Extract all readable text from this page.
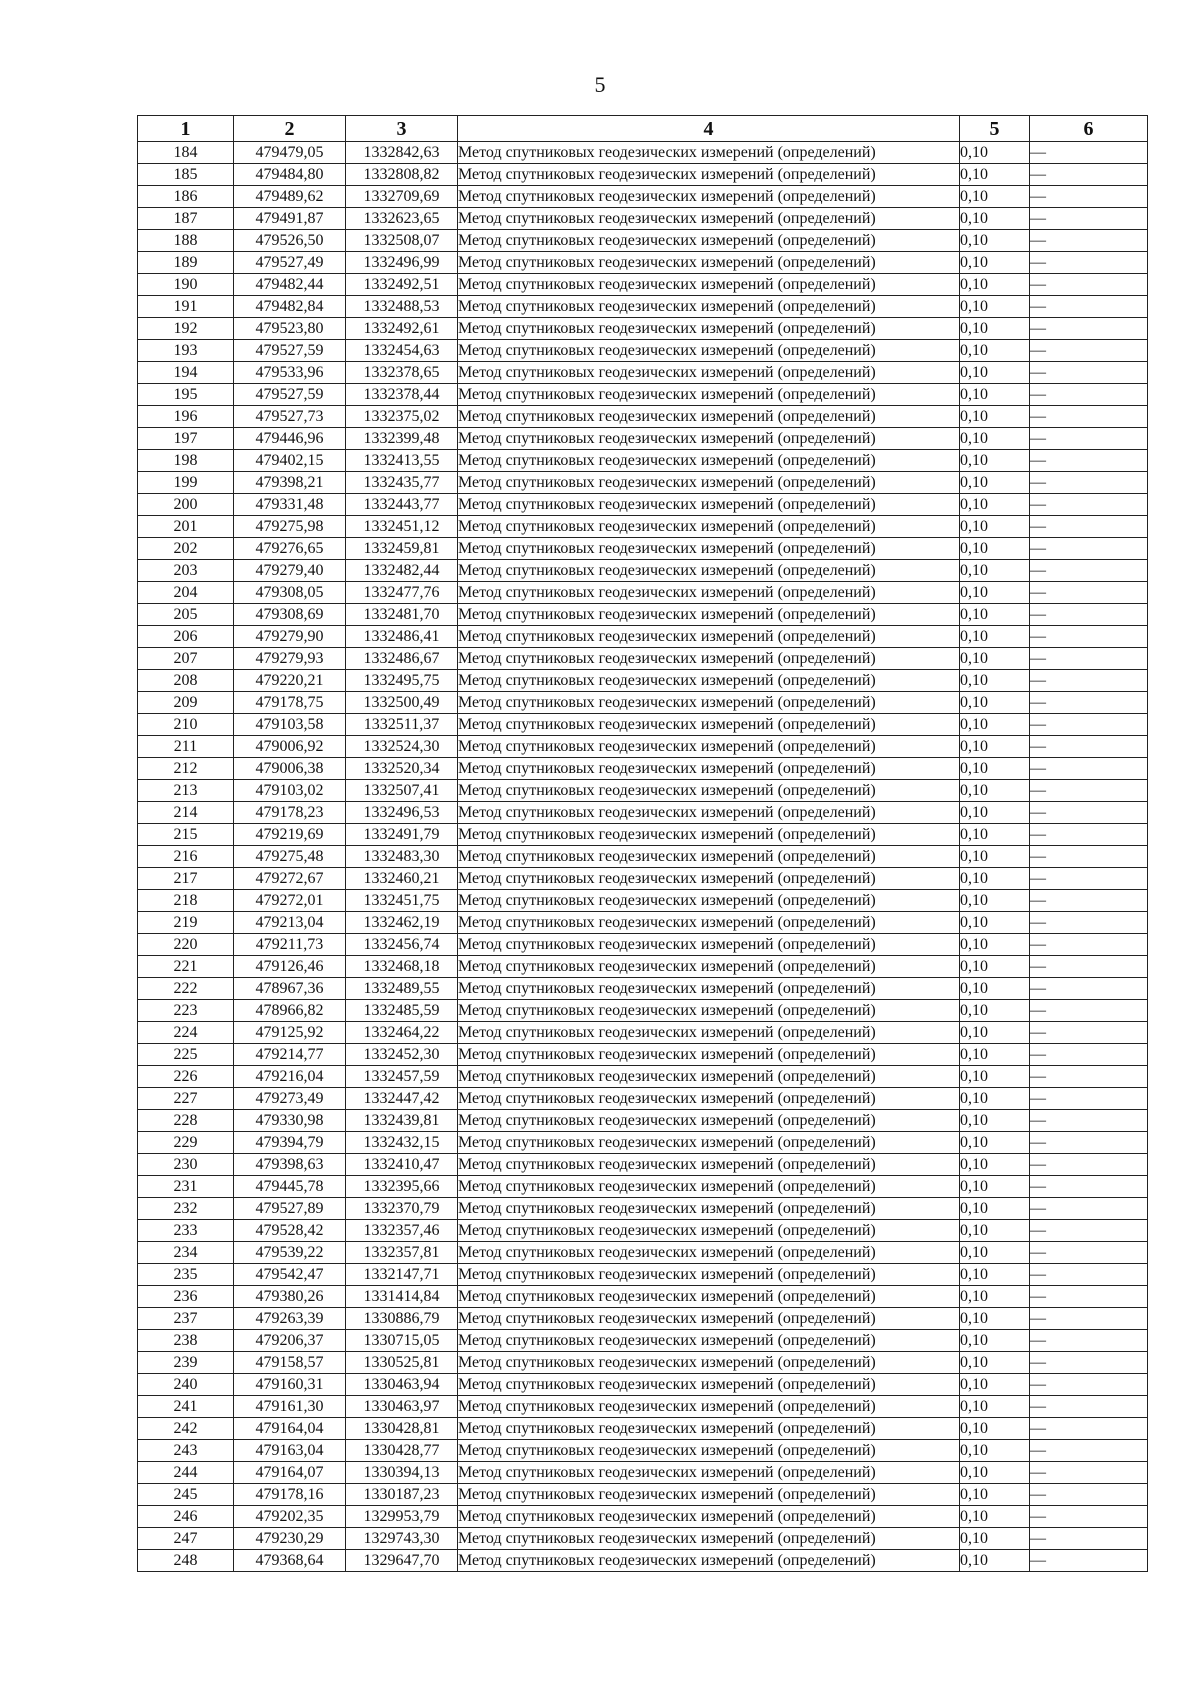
5
1	2	3	4	5	6
184	479479,05	1332842,63	Метод спутниковых геодезических измерений (определений)	0,10	—
185	479484,80	1332808,82	Метод спутниковых геодезических измерений (определений)	0,10	—
186	479489,62	1332709,69	Метод спутниковых геодезических измерений (определений)	0,10	—
187	479491,87	1332623,65	Метод спутниковых геодезических измерений (определений)	0,10	—
188	479526,50	1332508,07	Метод спутниковых геодезических измерений (определений)	0,10	—
189	479527,49	1332496,99	Метод спутниковых геодезических измерений (определений)	0,10	—
190	479482,44	1332492,51	Метод спутниковых геодезических измерений (определений)	0,10	—
191	479482,84	1332488,53	Метод спутниковых геодезических измерений (определений)	0,10	—
192	479523,80	1332492,61	Метод спутниковых геодезических измерений (определений)	0,10	—
193	479527,59	1332454,63	Метод спутниковых геодезических измерений (определений)	0,10	—
194	479533,96	1332378,65	Метод спутниковых геодезических измерений (определений)	0,10	—
195	479527,59	1332378,44	Метод спутниковых геодезических измерений (определений)	0,10	—
196	479527,73	1332375,02	Метод спутниковых геодезических измерений (определений)	0,10	—
197	479446,96	1332399,48	Метод спутниковых геодезических измерений (определений)	0,10	—
198	479402,15	1332413,55	Метод спутниковых геодезических измерений (определений)	0,10	—
199	479398,21	1332435,77	Метод спутниковых геодезических измерений (определений)	0,10	—
200	479331,48	1332443,77	Метод спутниковых геодезических измерений (определений)	0,10	—
201	479275,98	1332451,12	Метод спутниковых геодезических измерений (определений)	0,10	—
202	479276,65	1332459,81	Метод спутниковых геодезических измерений (определений)	0,10	—
203	479279,40	1332482,44	Метод спутниковых геодезических измерений (определений)	0,10	—
204	479308,05	1332477,76	Метод спутниковых геодезических измерений (определений)	0,10	—
205	479308,69	1332481,70	Метод спутниковых геодезических измерений (определений)	0,10	—
206	479279,90	1332486,41	Метод спутниковых геодезических измерений (определений)	0,10	—
207	479279,93	1332486,67	Метод спутниковых геодезических измерений (определений)	0,10	—
208	479220,21	1332495,75	Метод спутниковых геодезических измерений (определений)	0,10	—
209	479178,75	1332500,49	Метод спутниковых геодезических измерений (определений)	0,10	—
210	479103,58	1332511,37	Метод спутниковых геодезических измерений (определений)	0,10	—
211	479006,92	1332524,30	Метод спутниковых геодезических измерений (определений)	0,10	—
212	479006,38	1332520,34	Метод спутниковых геодезических измерений (определений)	0,10	—
213	479103,02	1332507,41	Метод спутниковых геодезических измерений (определений)	0,10	—
214	479178,23	1332496,53	Метод спутниковых геодезических измерений (определений)	0,10	—
215	479219,69	1332491,79	Метод спутниковых геодезических измерений (определений)	0,10	—
216	479275,48	1332483,30	Метод спутниковых геодезических измерений (определений)	0,10	—
217	479272,67	1332460,21	Метод спутниковых геодезических измерений (определений)	0,10	—
218	479272,01	1332451,75	Метод спутниковых геодезических измерений (определений)	0,10	—
219	479213,04	1332462,19	Метод спутниковых геодезических измерений (определений)	0,10	—
220	479211,73	1332456,74	Метод спутниковых геодезических измерений (определений)	0,10	—
221	479126,46	1332468,18	Метод спутниковых геодезических измерений (определений)	0,10	—
222	478967,36	1332489,55	Метод спутниковых геодезических измерений (определений)	0,10	—
223	478966,82	1332485,59	Метод спутниковых геодезических измерений (определений)	0,10	—
224	479125,92	1332464,22	Метод спутниковых геодезических измерений (определений)	0,10	—
225	479214,77	1332452,30	Метод спутниковых геодезических измерений (определений)	0,10	—
226	479216,04	1332457,59	Метод спутниковых геодезических измерений (определений)	0,10	—
227	479273,49	1332447,42	Метод спутниковых геодезических измерений (определений)	0,10	—
228	479330,98	1332439,81	Метод спутниковых геодезических измерений (определений)	0,10	—
229	479394,79	1332432,15	Метод спутниковых геодезических измерений (определений)	0,10	—
230	479398,63	1332410,47	Метод спутниковых геодезических измерений (определений)	0,10	—
231	479445,78	1332395,66	Метод спутниковых геодезических измерений (определений)	0,10	—
232	479527,89	1332370,79	Метод спутниковых геодезических измерений (определений)	0,10	—
233	479528,42	1332357,46	Метод спутниковых геодезических измерений (определений)	0,10	—
234	479539,22	1332357,81	Метод спутниковых геодезических измерений (определений)	0,10	—
235	479542,47	1332147,71	Метод спутниковых геодезических измерений (определений)	0,10	—
236	479380,26	1331414,84	Метод спутниковых геодезических измерений (определений)	0,10	—
237	479263,39	1330886,79	Метод спутниковых геодезических измерений (определений)	0,10	—
238	479206,37	1330715,05	Метод спутниковых геодезических измерений (определений)	0,10	—
239	479158,57	1330525,81	Метод спутниковых геодезических измерений (определений)	0,10	—
240	479160,31	1330463,94	Метод спутниковых геодезических измерений (определений)	0,10	—
241	479161,30	1330463,97	Метод спутниковых геодезических измерений (определений)	0,10	—
242	479164,04	1330428,81	Метод спутниковых геодезических измерений (определений)	0,10	—
243	479163,04	1330428,77	Метод спутниковых геодезических измерений (определений)	0,10	—
244	479164,07	1330394,13	Метод спутниковых геодезических измерений (определений)	0,10	—
245	479178,16	1330187,23	Метод спутниковых геодезических измерений (определений)	0,10	—
246	479202,35	1329953,79	Метод спутниковых геодезических измерений (определений)	0,10	—
247	479230,29	1329743,30	Метод спутниковых геодезических измерений (определений)	0,10	—
248	479368,64	1329647,70	Метод спутниковых геодезических измерений (определений)	0,10	—
